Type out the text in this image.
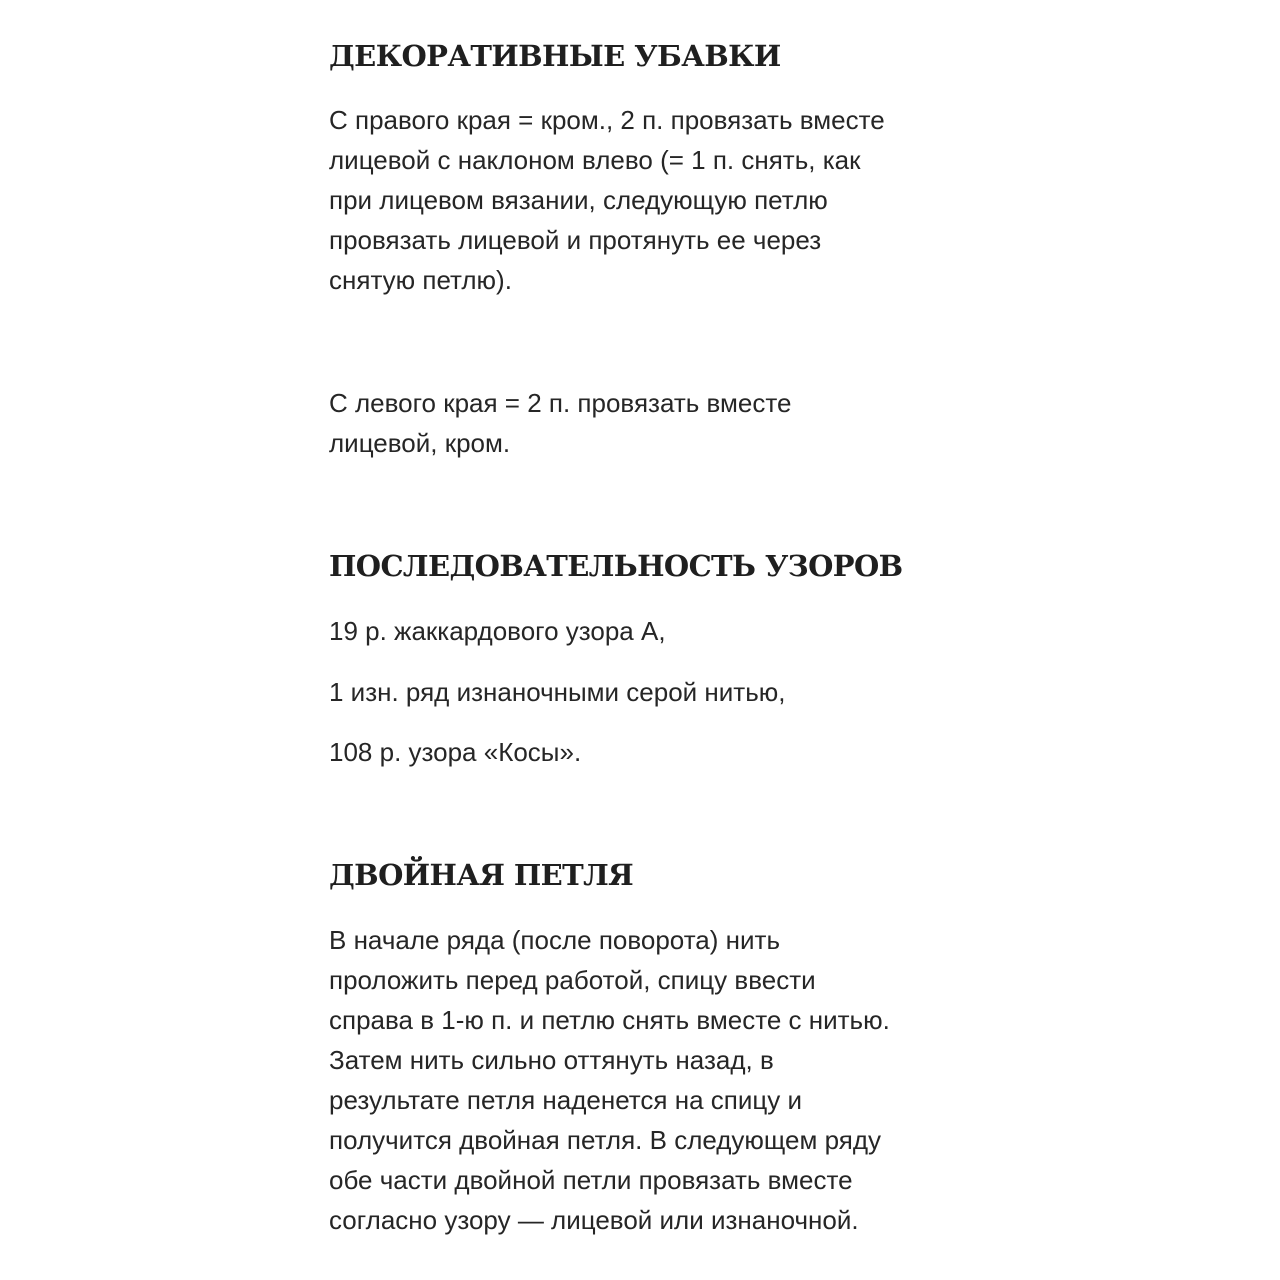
ДЕКОРАТИВНЫЕ УБАВКИ

С правого края = кром., 2 п. провязать вместе
лицевой с наклоном влево (= 1 п. снять, как
при лицевом вязании, следующую петлю
провязать лицевой и протянуть ее через
снятую петлю).

С левого края = 2 п. провязать вместе
лицевой, кром.

ПОСЛЕДОВАТЕЛЬНОСТЬ УЗОРОВ

19 р. жаккардового узора А,

1 изн. ряд изнаночными серой нитью,

108 р. узора «Косы».

ДВОЙНАЯ ПЕТЛЯ

В начале ряда (после поворота) нить
проложить перед работой, спицу ввести
справа в 1-ю п. и петлю снять вместе с нитью.
Затем нить сильно оттянуть назад, в
результате петля наденется на спицу и
получится двойная петля. В следующем ряду
обе части двойной петли провязать вместе
согласно узору — лицевой или изнаночной.
